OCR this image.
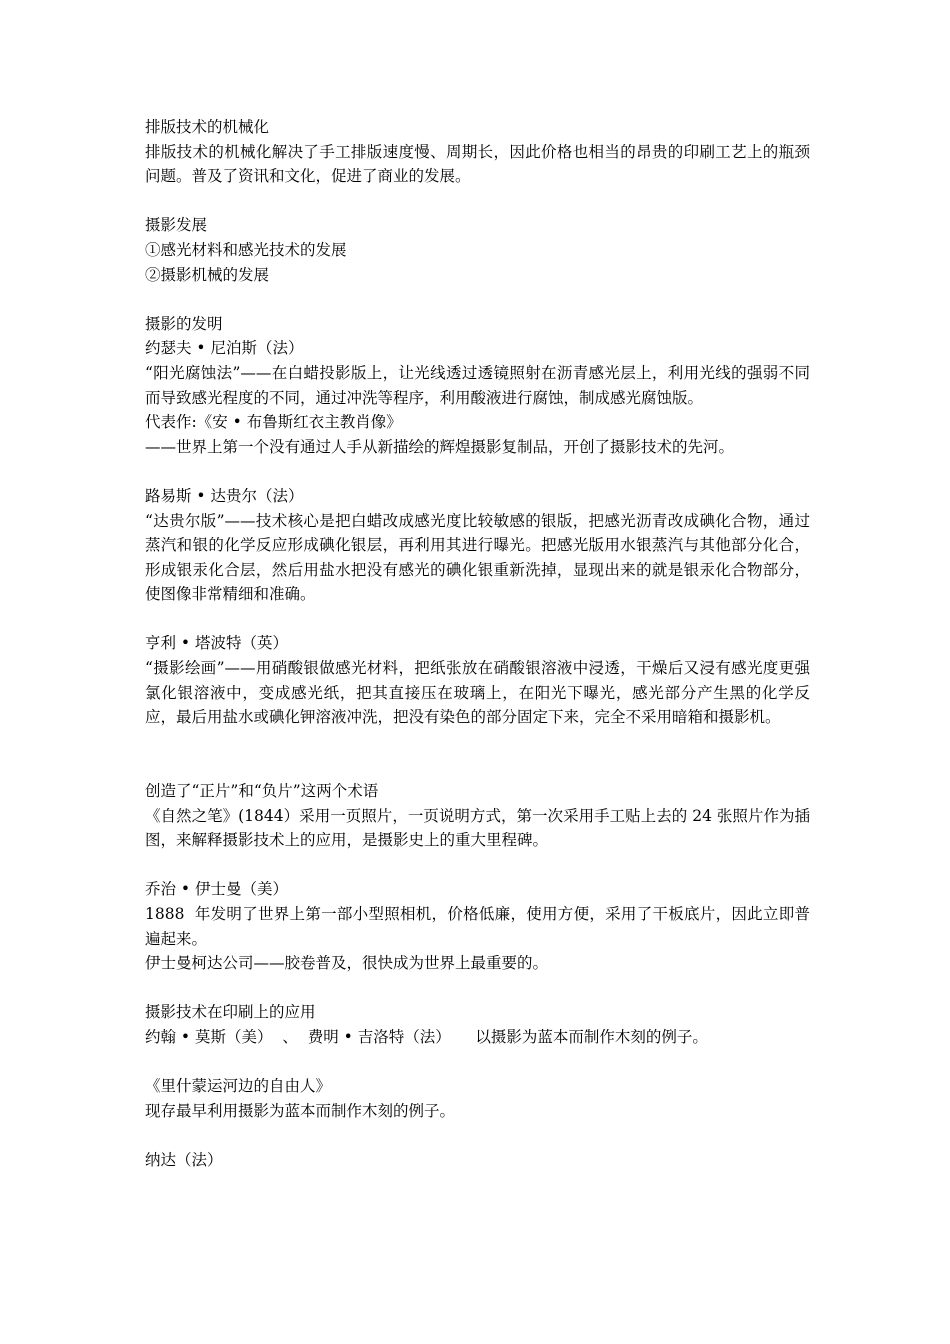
排版技术的机械化

排版技术的机械化解决了手工排版速度慢、周期长，因此价格也相当的昂贵的印刷工艺上的瓶颈问题。普及了资讯和文化，促进了商业的发展。

摄影发展

①感光材料和感光技术的发展

②摄影机械的发展

摄影的发明

约瑟夫 • 尼泊斯（法）

“阳光腐蚀法”——在白蜡投影版上，让光线透过透镜照射在沥青感光层上，利用光线的强弱不同而导致感光程度的不同，通过冲洗等程序，利用酸液进行腐蚀，制成感光腐蚀版。

代表作:《安 • 布鲁斯红衣主教肖像》

——世界上第一个没有通过人手从新描绘的辉煌摄影复制品，开创了摄影技术的先河。

路易斯 • 达贵尔（法）

“达贵尔版”——技术核心是把白蜡改成感光度比较敏感的银版，把感光沥青改成碘化合物，通过蒸汽和银的化学反应形成碘化银层，再利用其进行曝光。把感光版用水银蒸汽与其他部分化合，形成银汞化合层，然后用盐水把没有感光的碘化银重新洗掉，显现出来的就是银汞化合物部分，使图像非常精细和准确。

亨利 • 塔波特（英）

“摄影绘画”——用硝酸银做感光材料，把纸张放在硝酸银溶液中浸透，干燥后又浸有感光度更强氯化银溶液中，变成感光纸，把其直接压在玻璃上，在阳光下曝光，感光部分产生黑的化学反应，最后用盐水或碘化钾溶液冲洗，把没有染色的部分固定下来，完全不采用暗箱和摄影机。

创造了“正片”和“负片”这两个术语

《自然之笔》(1844）采用一页照片，一页说明方式，第一次采用手工贴上去的 24 张照片作为插图，来解释摄影技术上的应用，是摄影史上的重大里程碑。

乔治 • 伊士曼（美）

1888  年发明了世界上第一部小型照相机，价格低廉，使用方便，采用了干板底片，因此立即普遍起来。

伊士曼柯达公司——胶卷普及，很快成为世界上最重要的。

摄影技术在印刷上的应用

约翰 • 莫斯（美）  、  费明 • 吉洛特（法）     以摄影为蓝本而制作木刻的例子。

《里什蒙运河边的自由人》

现存最早利用摄影为蓝本而制作木刻的例子。

纳达（法）
